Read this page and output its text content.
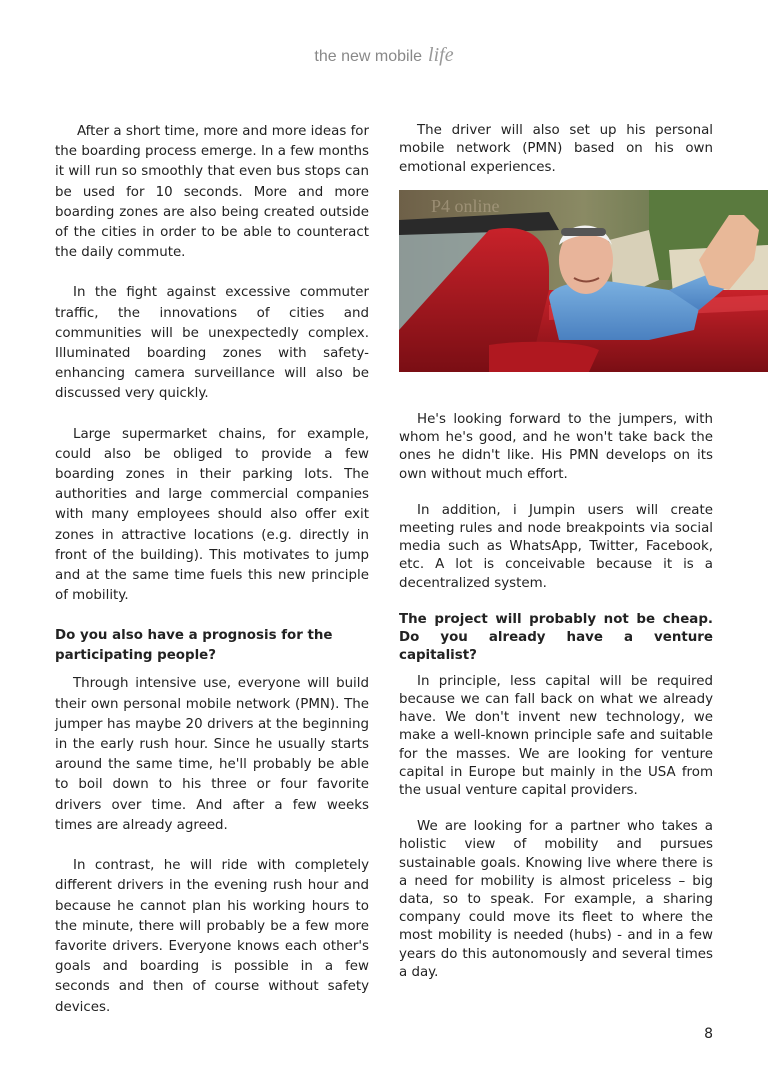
the new mobile life

After a short time, more and more ideas for the boarding process emerge. In a few months it will run so smoothly that even bus stops can be used for 10 seconds. More and more boarding zones are also being created outside of the cities in order to be able to counteract the daily commute.

In the fight against excessive commuter traffic, the innovations of cities and communities will be unexpectedly complex. Illuminated boarding zones with safety-enhancing camera surveillance will also be discussed very quickly.

Large supermarket chains, for example, could also be obliged to provide a few boarding zones in their parking lots. The authorities and large commercial companies with many employees should also offer exit zones in attractive locations (e.g. directly in front of the building). This motivates to jump and at the same time fuels this new principle of mobility.

Do you also have a prognosis for the participating people?

Through intensive use, everyone will build their own personal mobile network (PMN). The jumper has maybe 20 drivers at the beginning in the early rush hour. Since he usually starts around the same time, he'll probably be able to boil down to his three or four favorite drivers over time. And after a few weeks times are already agreed.

In contrast, he will ride with completely different drivers in the evening rush hour and because he cannot plan his working hours to the minute, there will probably be a few more favorite drivers. Everyone knows each other's goals and boarding is possible in a few seconds and then of course without safety devices.

The driver will also set up his personal mobile network (PMN) based on his own emotional experiences.

P4 online

He's looking forward to the jumpers, with whom he's good, and he won't take back the ones he didn't like. His PMN develops on its own without much effort.

In addition, i Jumpin users will create meeting rules and node breakpoints via social media such as WhatsApp, Twitter, Facebook, etc. A lot is conceivable because it is a decentralized system.

The project will probably not be cheap. Do you already have a venture capitalist?

In principle, less capital will be required because we can fall back on what we already have. We don't invent new technology, we make a well-known principle safe and suitable for the masses. We are looking for venture capital in Europe but mainly in the USA from the usual venture capital providers.

We are looking for a partner who takes a holistic view of mobility and pursues sustainable goals. Knowing live where there is a need for mobility is almost priceless – big data, so to speak. For example, a sharing company could move its fleet to where the most mobility is needed (hubs) - and in a few years do this autonomously and several times a day.

8
